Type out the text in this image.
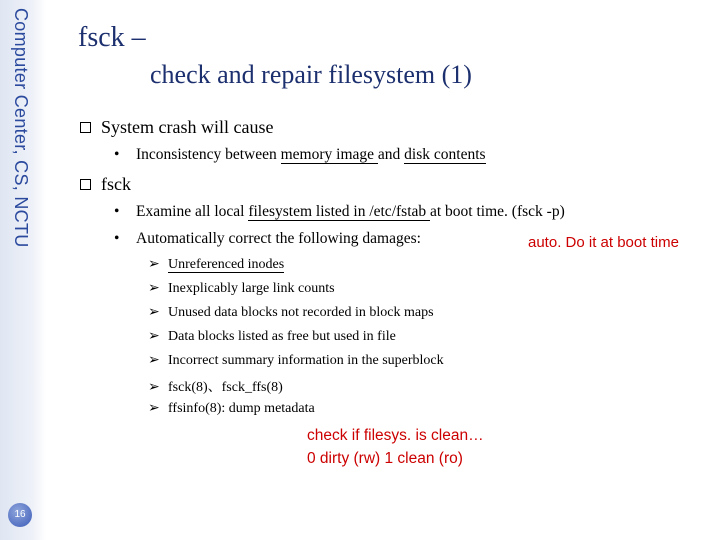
Computer Center, CS, NCTU
16
fsck –
check and repair filesystem (1)
System crash will cause
• Inconsistency between memory image and disk contents
fsck
• Examine all local filesystem listed in /etc/fstab at boot time. (fsck -p)
• Automatically correct the following damages:	auto. Do it at boot time
➢ Unreferenced inodes
➢ Inexplicably large link counts
➢ Unused data blocks not recorded in block maps
➢ Data blocks listed as free but used in file
➢ Incorrect summary information in the superblock
➢ fsck(8)、fsck_ffs(8)
➢ ffsinfo(8): dump metadata
check if filesys. is clean…
0 dirty (rw) 1 clean (ro)
